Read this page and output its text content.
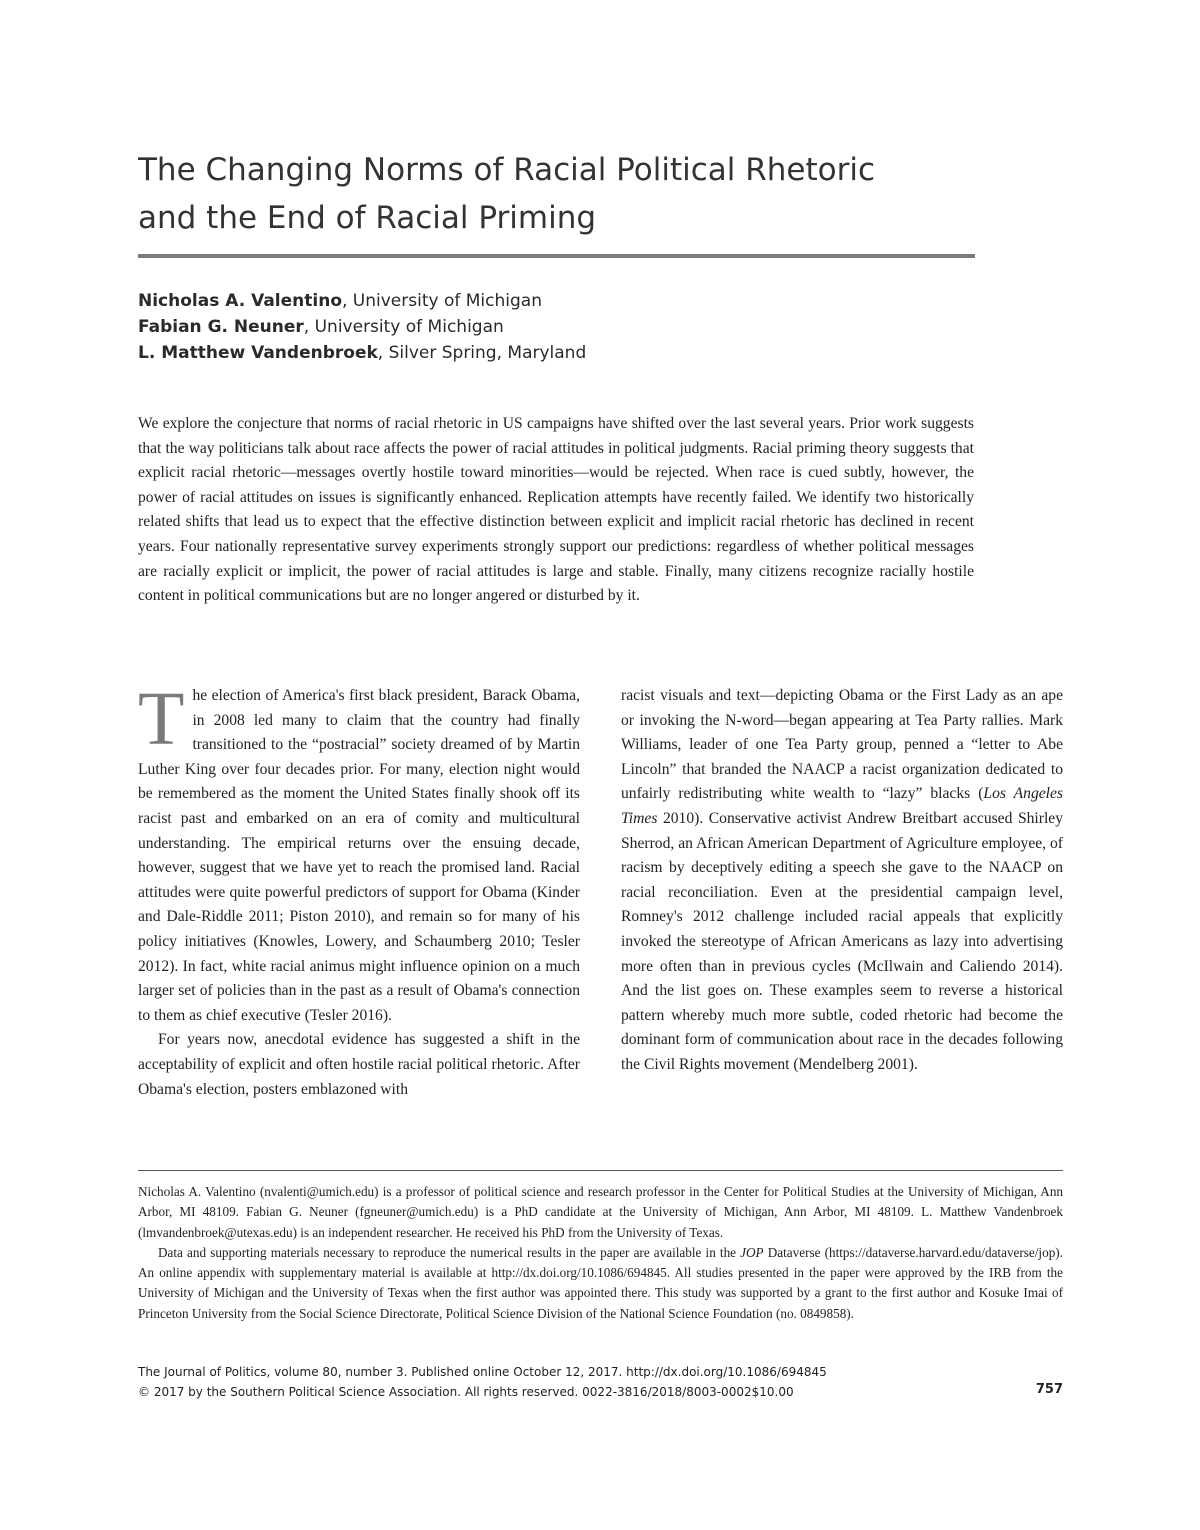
The Changing Norms of Racial Political Rhetoric
and the End of Racial Priming
Nicholas A. Valentino, University of Michigan
Fabian G. Neuner, University of Michigan
L. Matthew Vandenbroek, Silver Spring, Maryland

We explore the conjecture that norms of racial rhetoric in US campaigns have shifted over the last several years. Prior work suggests that the way politicians talk about race affects the power of racial attitudes in political judgments. Racial priming theory suggests that explicit racial rhetoric—messages overtly hostile toward minorities—would be rejected. When race is cued subtly, however, the power of racial attitudes on issues is significantly enhanced. Replication attempts have recently failed. We identify two historically related shifts that lead us to expect that the effective distinction between explicit and implicit racial rhetoric has declined in recent years. Four nationally representative survey experiments strongly support our predictions: regardless of whether political messages are racially explicit or implicit, the power of racial attitudes is large and stable. Finally, many citizens recognize racially hostile content in political communications but are no longer angered or disturbed by it.

The election of America's first black president, Barack Obama, in 2008 led many to claim that the country had finally transitioned to the “postracial” society dreamed of by Martin Luther King over four decades prior. For many, election night would be remembered as the moment the United States finally shook off its racist past and embarked on an era of comity and multicultural understanding. The empirical returns over the ensuing decade, however, suggest that we have yet to reach the promised land. Racial attitudes were quite powerful predictors of support for Obama (Kinder and Dale-Riddle 2011; Piston 2010), and remain so for many of his policy initiatives (Knowles, Lowery, and Schaumberg 2010; Tesler 2012). In fact, white racial animus might influence opinion on a much larger set of policies than in the past as a result of Obama's connection to them as chief executive (Tesler 2016).

For years now, anecdotal evidence has suggested a shift in the acceptability of explicit and often hostile racial political rhetoric. After Obama's election, posters emblazoned with

racist visuals and text—depicting Obama or the First Lady as an ape or invoking the N-word—began appearing at Tea Party rallies. Mark Williams, leader of one Tea Party group, penned a “letter to Abe Lincoln” that branded the NAACP a racist organization dedicated to unfairly redistributing white wealth to “lazy” blacks (Los Angeles Times 2010). Conservative activist Andrew Breitbart accused Shirley Sherrod, an African American Department of Agriculture employee, of racism by deceptively editing a speech she gave to the NAACP on racial reconciliation. Even at the presidential campaign level, Romney's 2012 challenge included racial appeals that explicitly invoked the stereotype of African Americans as lazy into advertising more often than in previous cycles (McIlwain and Caliendo 2014). And the list goes on. These examples seem to reverse a historical pattern whereby much more subtle, coded rhetoric had become the dominant form of communication about race in the decades following the Civil Rights movement (Mendelberg 2001).

Nicholas A. Valentino (nvalenti@umich.edu) is a professor of political science and research professor in the Center for Political Studies at the University of Michigan, Ann Arbor, MI 48109. Fabian G. Neuner (fgneuner@umich.edu) is a PhD candidate at the University of Michigan, Ann Arbor, MI 48109. L. Matthew Vandenbroek (lmvandenbroek@utexas.edu) is an independent researcher. He received his PhD from the University of Texas.

Data and supporting materials necessary to reproduce the numerical results in the paper are available in the JOP Dataverse (https://dataverse.harvard.edu/dataverse/jop). An online appendix with supplementary material is available at http://dx.doi.org/10.1086/694845. All studies presented in the paper were approved by the IRB from the University of Michigan and the University of Texas when the first author was appointed there. This study was supported by a grant to the first author and Kosuke Imai of Princeton University from the Social Science Directorate, Political Science Division of the National Science Foundation (no. 0849858).

The Journal of Politics, volume 80, number 3. Published online October 12, 2017. http://dx.doi.org/10.1086/694845
© 2017 by the Southern Political Science Association. All rights reserved. 0022-3816/2018/8003-0002$10.00	757
